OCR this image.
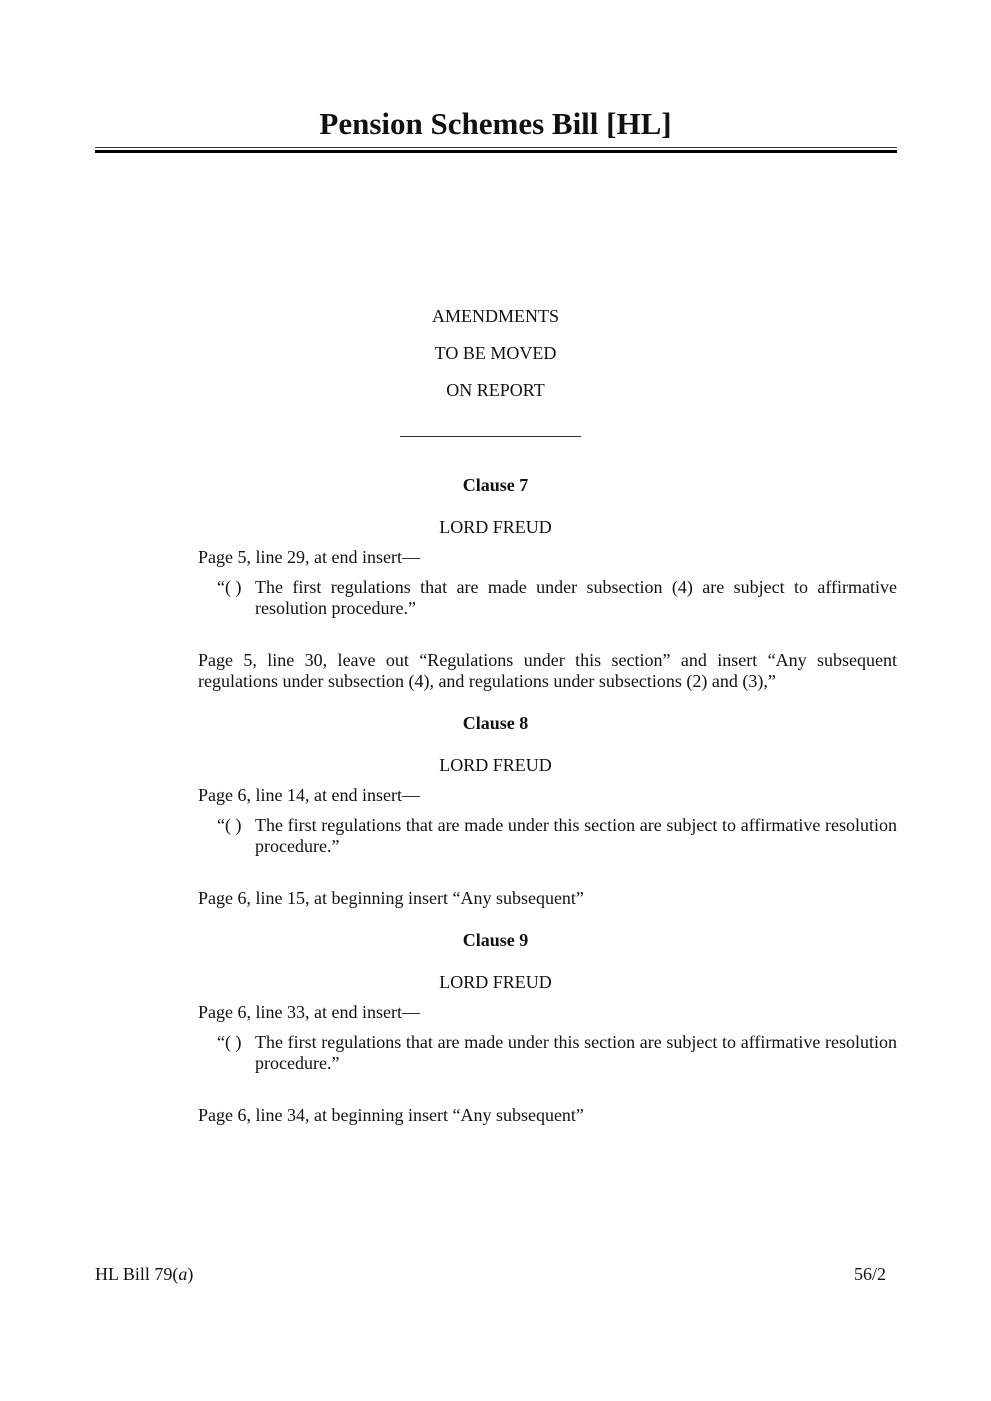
Pension Schemes Bill [HL]
AMENDMENTS
TO BE MOVED
ON REPORT
Clause 7
LORD FREUD
Page 5, line 29, at end insert—
“( ) The first regulations that are made under subsection (4) are subject to affirmative resolution procedure.”
Page 5, line 30, leave out “Regulations under this section” and insert “Any subsequent regulations under subsection (4), and regulations under subsections (2) and (3),”
Clause 8
LORD FREUD
Page 6, line 14, at end insert—
“( ) The first regulations that are made under this section are subject to affirmative resolution procedure.”
Page 6, line 15, at beginning insert “Any subsequent”
Clause 9
LORD FREUD
Page 6, line 33, at end insert—
“( ) The first regulations that are made under this section are subject to affirmative resolution procedure.”
Page 6, line 34, at beginning insert “Any subsequent”
HL Bill 79(a)	56/2
